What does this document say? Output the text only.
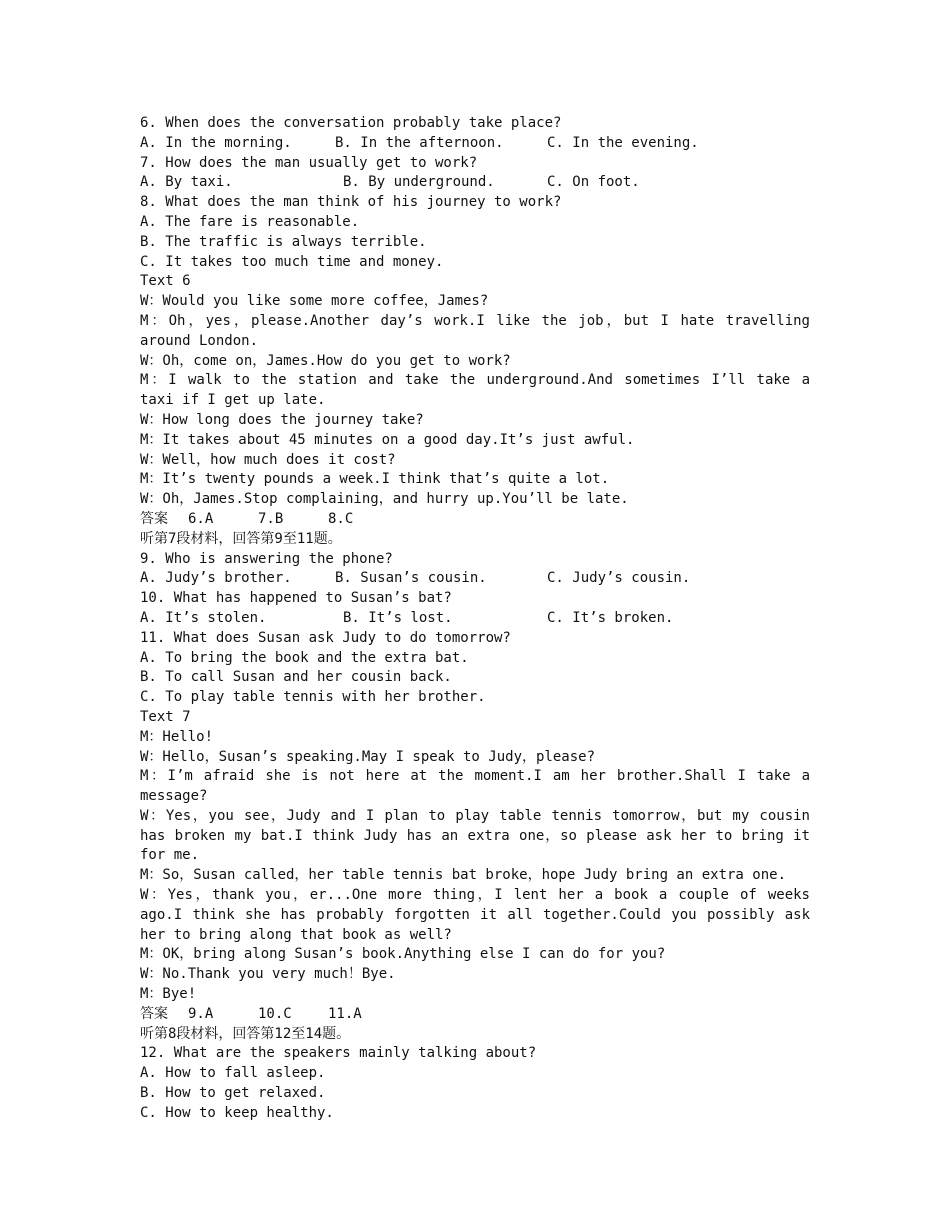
6. When does the conversation probably take place?
A. In the morning.	B. In the afternoon.	C. In the evening.
7. How does the man usually get to work?
A. By taxi.	B. By underground.	C. On foot.
8. What does the man think of his journey to work?
A. The fare is reasonable.
B. The traffic is always terrible.
C. It takes too much time and money.
Text 6
W：Would you like some more coffee，James?
M：Oh，yes，please.Another day’s work.I like the job，but I hate travelling around London.
W：Oh，come on，James.How do you get to work?
M：I walk to the station and take the underground.And sometimes I’ll take a taxi if I get up late.
W：How long does the journey take?
M：It takes about 45 minutes on a good day.It’s just awful.
W：Well，how much does it cost?
M：It’s twenty pounds a week.I think that’s quite a lot.
W：Oh，James.Stop complaining，and hurry up.You’ll be late.
答案	6.A	7.B	8.C
听第7段材料，回答第9至11题。
9. Who is answering the phone?
A. Judy’s brother.	B. Susan’s cousin.	C. Judy’s cousin.
10. What has happened to Susan’s bat?
A. It’s stolen.	B. It’s lost.	C. It’s broken.
11. What does Susan ask Judy to do tomorrow?
A. To bring the book and the extra bat.
B. To call Susan and her cousin back.
C. To play table tennis with her brother.
Text 7
M：Hello!
W：Hello，Susan’s speaking.May I speak to Judy，please?
M：I’m afraid she is not here at the moment.I am her brother.Shall I take a message?
W：Yes，you see，Judy and I plan to play table tennis tomorrow，but my cousin has broken my bat.I think Judy has an extra one，so please ask her to bring it for me.
M：So，Susan called，her table tennis bat broke，hope Judy bring an extra one.
W：Yes，thank you，er...One more thing，I lent her a book a couple of weeks ago.I think she has probably forgotten it all together.Could you possibly ask her to bring along that book as well?
M：OK，bring along Susan’s book.Anything else I can do for you?
W：No.Thank you very much！Bye.
M：Bye!
答案	9.A	10.C	11.A
听第8段材料，回答第12至14题。
12. What are the speakers mainly talking about?
A. How to fall asleep.
B. How to get relaxed.
C. How to keep healthy.
